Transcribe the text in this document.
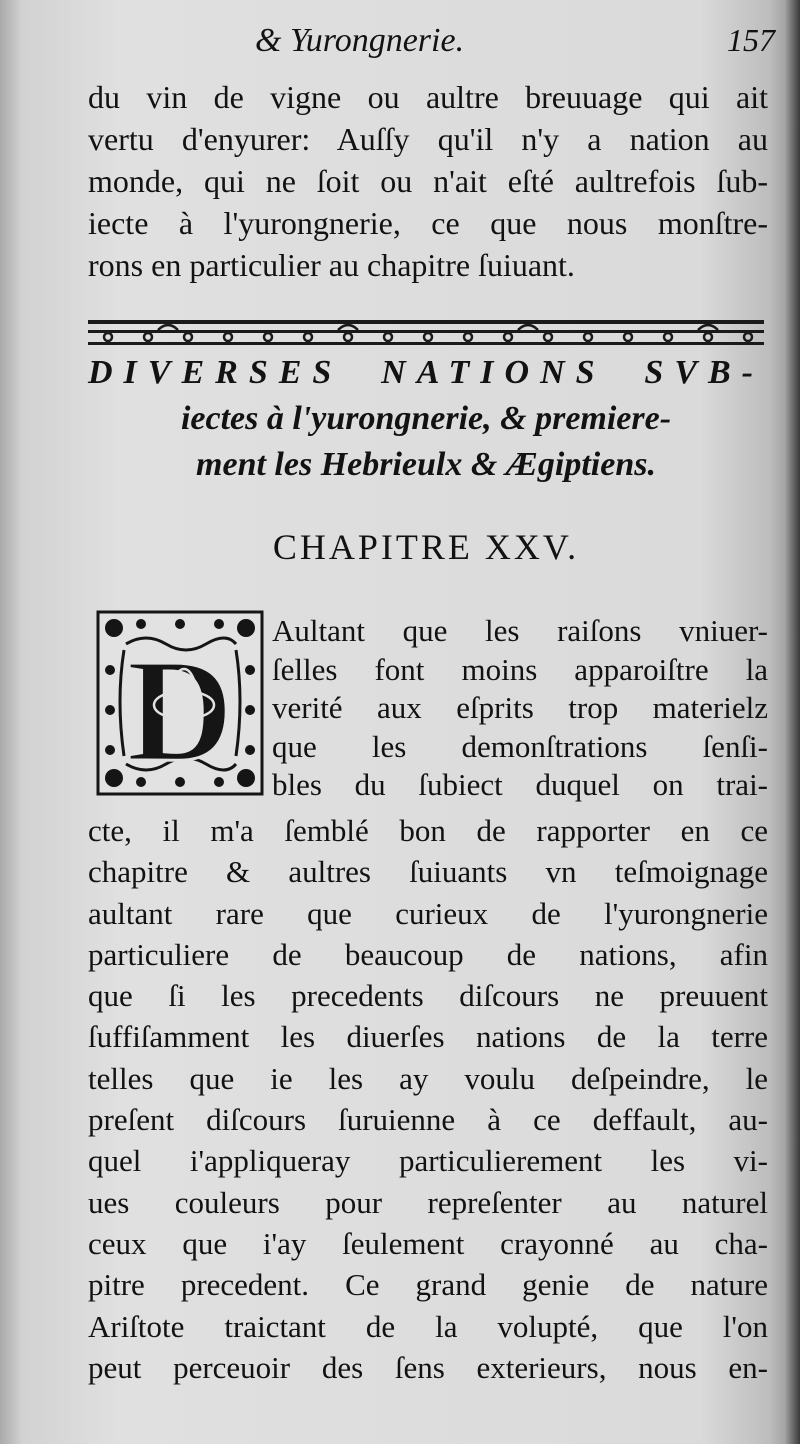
& Yurongnerie.	157
du vin de vigne ou aultre breuuage qui ait
vertu d'enyurer: Auſſy qu'il n'y a nation au
monde, qui ne ſoit ou n'ait eſté aultrefois ſub-
iecte à l'yurongnerie, ce que nous monſtre-
rons en particulier au chapitre ſuiuant.
DIVERSES NATIONS SVB-
iectes à l'yurongnerie, & premiere-
ment les Hebrieulx & Ægiptiens.
CHAPITRE XXV.
D Aultant que les raiſons vniuer-
ſelles font moins apparoiſtre la
verité aux eſprits trop materielz
que les demonſtrations ſenſi-
bles du ſubiect duquel on trai-
cte, il m'a ſemblé bon de rapporter en ce
chapitre & aultres ſuiuants vn teſmoignage
aultant rare que curieux de l'yurongnerie
particuliere de beaucoup de nations, afin
que ſi les precedents diſcours ne preuuent
ſuffiſamment les diuerſes nations de la terre
telles que ie les ay voulu deſpeindre, le
preſent diſcours ſuruienne à ce deffault, au-
quel i'appliqueray particulierement les vi-
ues couleurs pour repreſenter au naturel
ceux que i'ay ſeulement crayonné au cha-
pitre precedent. Ce grand genie de nature
Ariſtote traictant de la volupté, que l'on
peut perceuoir des ſens exterieurs, nous en-
